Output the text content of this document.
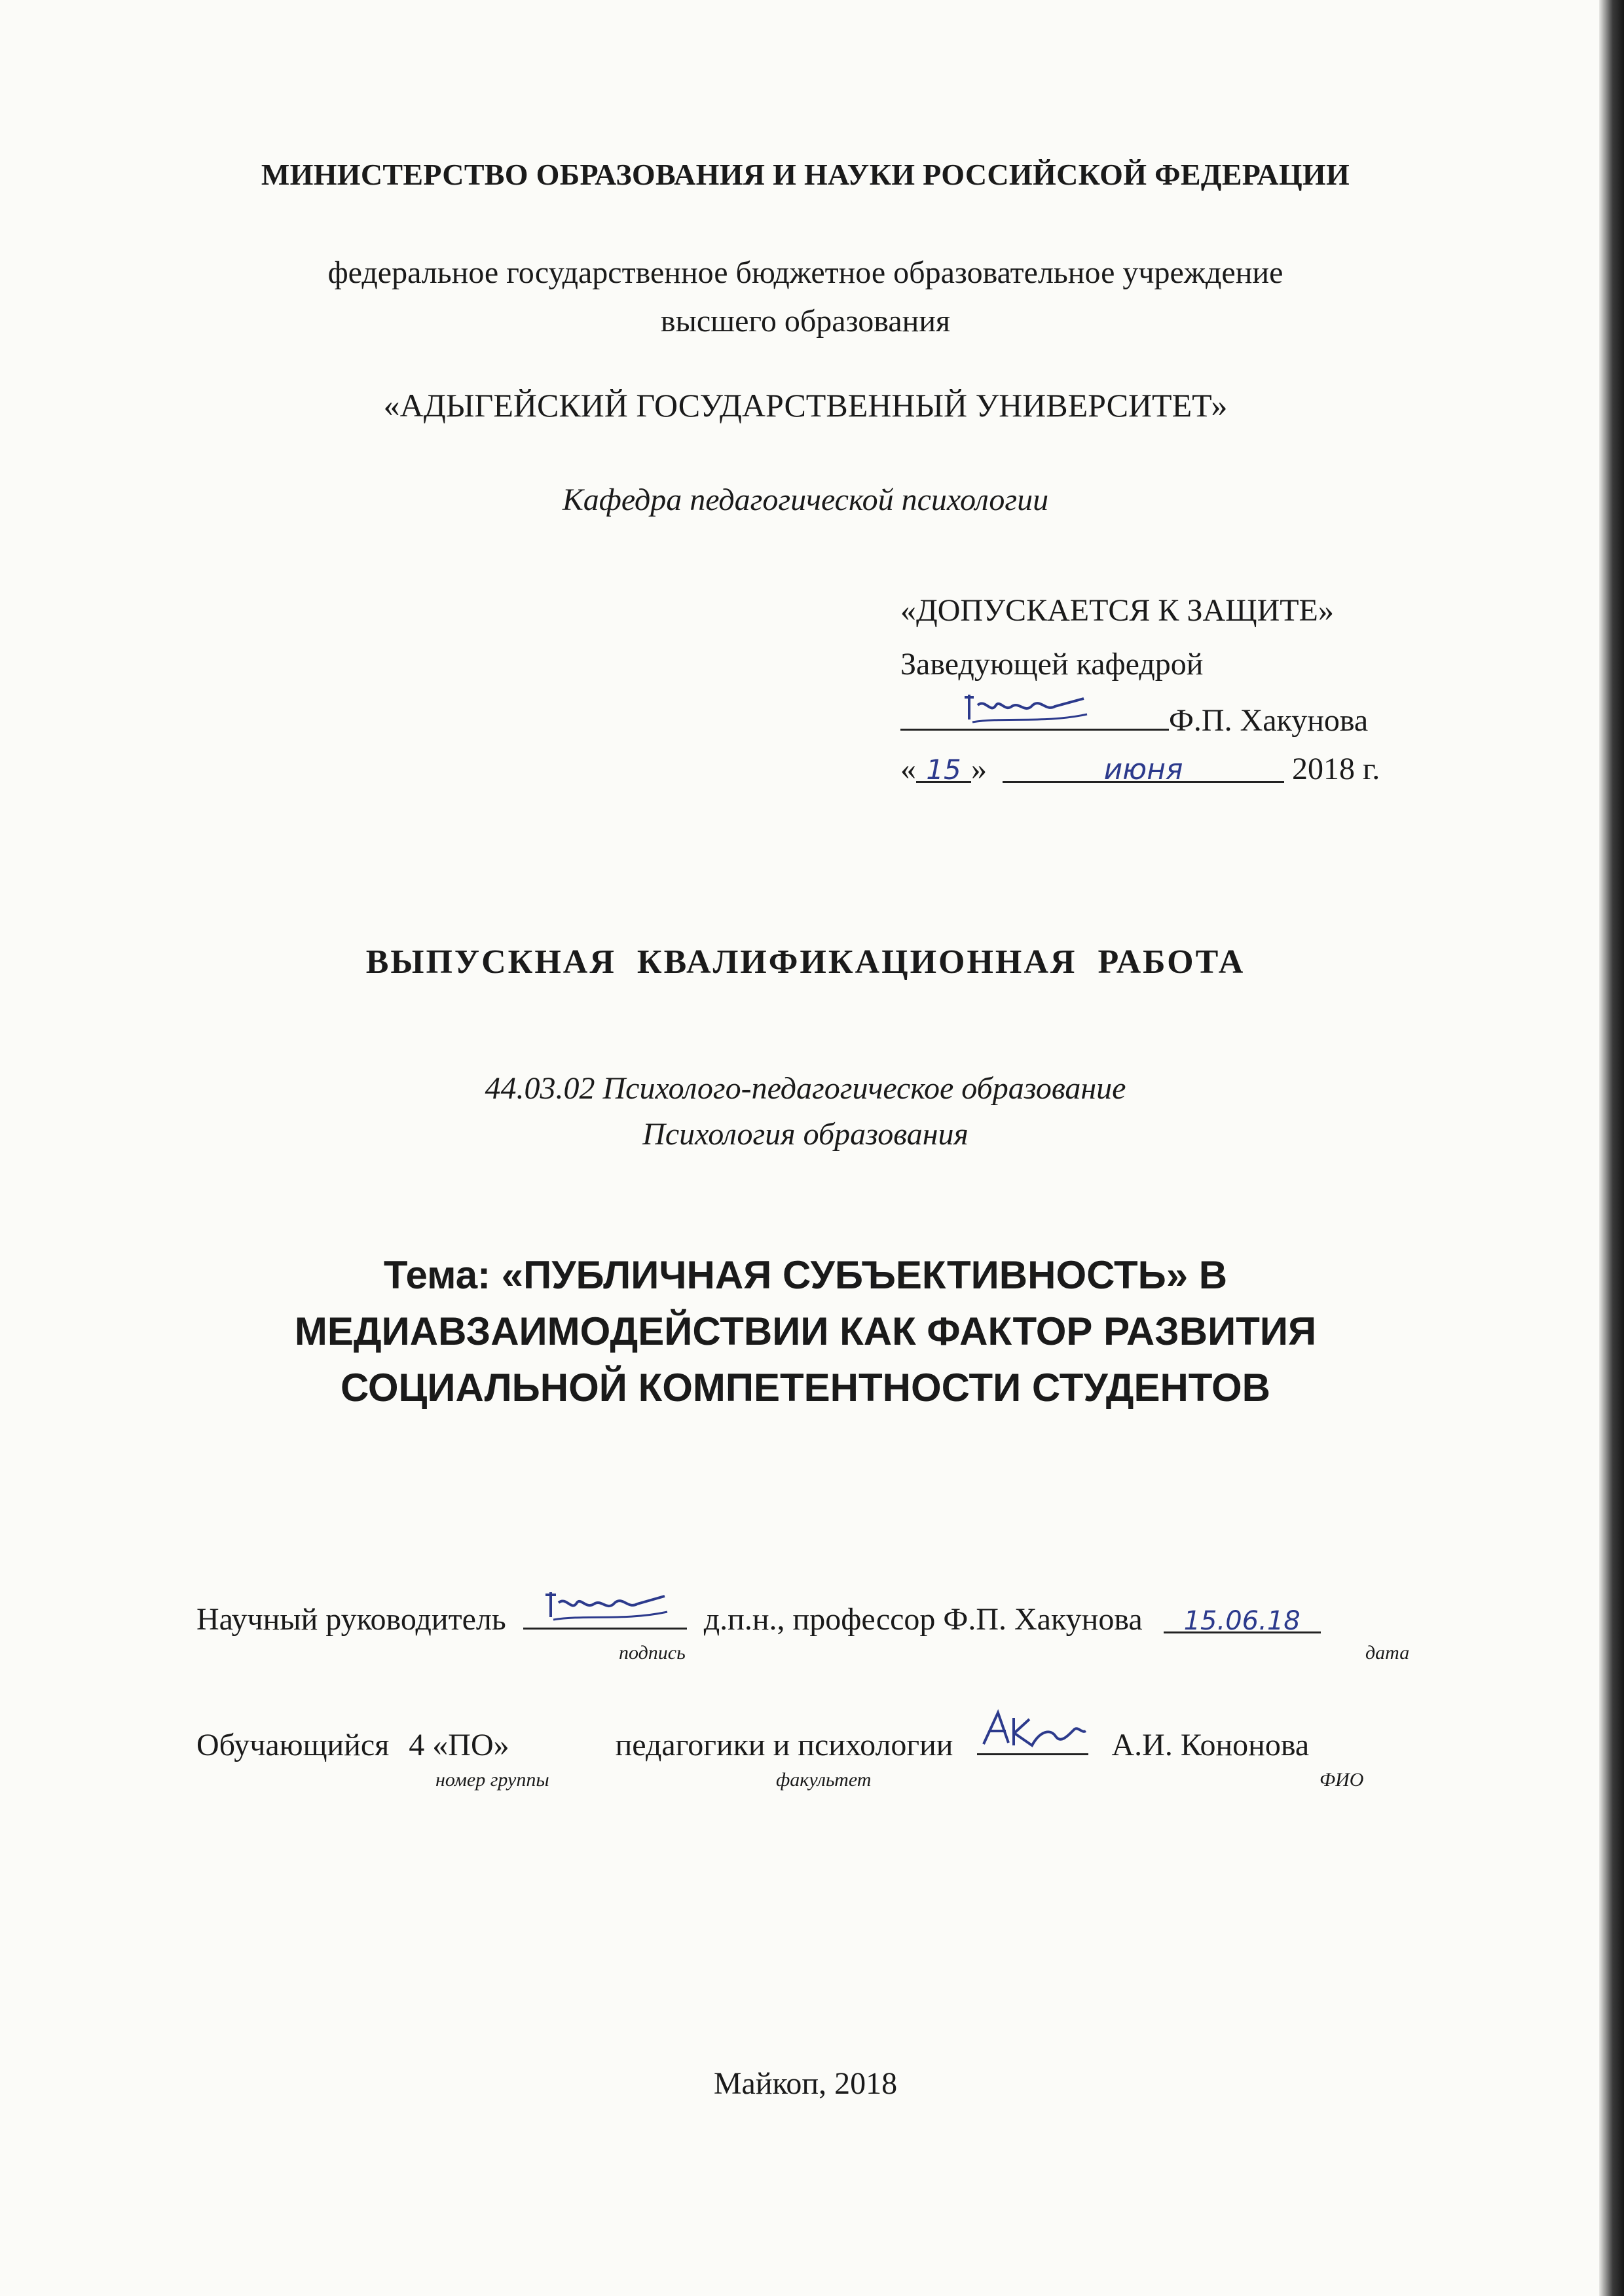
МИНИСТЕРСТВО ОБРАЗОВАНИЯ И НАУКИ РОССИЙСКОЙ ФЕДЕРАЦИИ
федеральное государственное бюджетное образовательное учреждение
высшего образования
«АДЫГЕЙСКИЙ ГОСУДАРСТВЕННЫЙ УНИВЕРСИТЕТ»
Кафедра педагогической психологии
«ДОПУСКАЕТСЯ К ЗАЩИТЕ»
Заведующей кафедрой
Ф.П. Хакунова
« 15 »	июня	2018 г.
ВЫПУСКНАЯ КВАЛИФИКАЦИОННАЯ РАБОТА
44.03.02 Психолого-педагогическое образование
Психология образования
Тема: «ПУБЛИЧНАЯ СУБЪЕКТИВНОСТЬ» В
МЕДИАВЗАИМОДЕЙСТВИИ КАК ФАКТОР РАЗВИТИЯ
СОЦИАЛЬНОЙ КОМПЕТЕНТНОСТИ СТУДЕНТОВ
Научный руководитель	д.п.н., профессор Ф.П. Хакунова 15.06.18
подпись	дата
Обучающийся 4 «ПО»	педагогики и психологии	А.И. Кононова
номер группы	факультет	ФИО
Майкоп, 2018
